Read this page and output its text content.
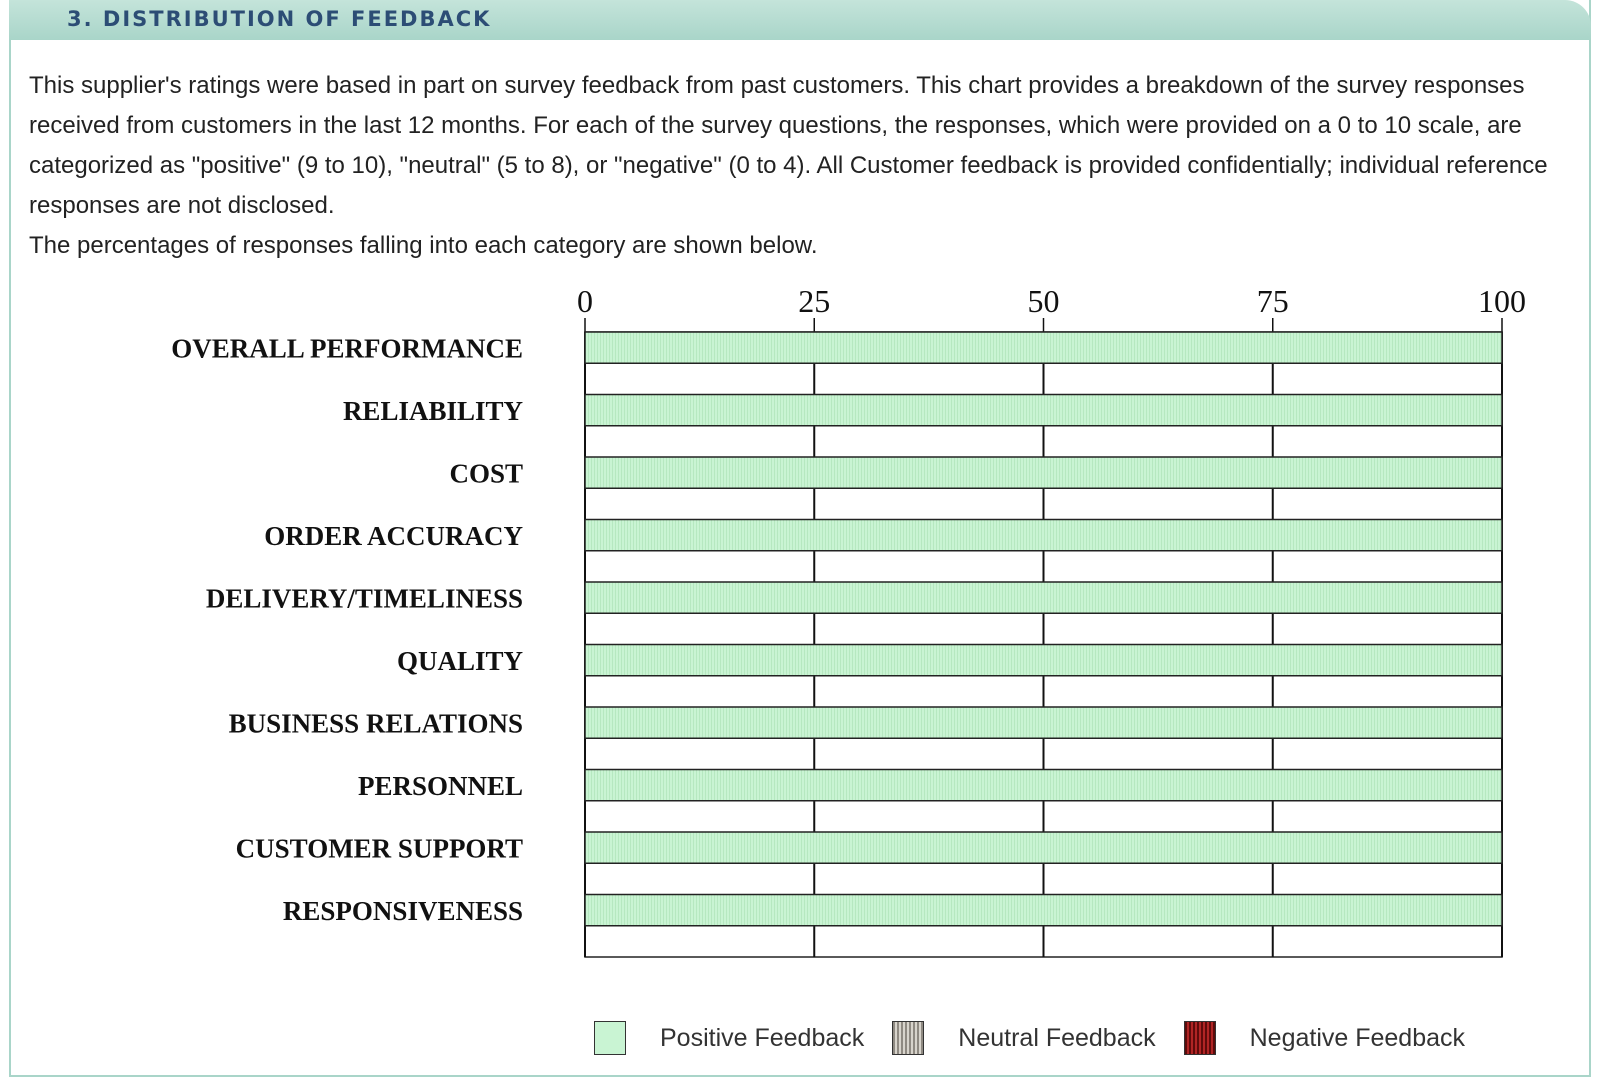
3. DISTRIBUTION OF FEEDBACK

This supplier's ratings were based in part on survey feedback from past customers. This chart provides a breakdown of the survey responses received from customers in the last 12 months. For each of the survey questions, the responses, which were provided on a 0 to 10 scale, are categorized as "positive" (9 to 10), "neutral" (5 to 8), or "negative" (0 to 4). All Customer feedback is provided confidentially; individual reference responses are not disclosed.

The percentages of responses falling into each category are shown below.

0	25	50	75	100
OVERALL PERFORMANCE
RELIABILITY
COST
ORDER ACCURACY
DELIVERY/TIMELINESS
QUALITY
BUSINESS RELATIONS
PERSONNEL
CUSTOMER SUPPORT
RESPONSIVENESS
Positive Feedback	Neutral Feedback	Negative Feedback
